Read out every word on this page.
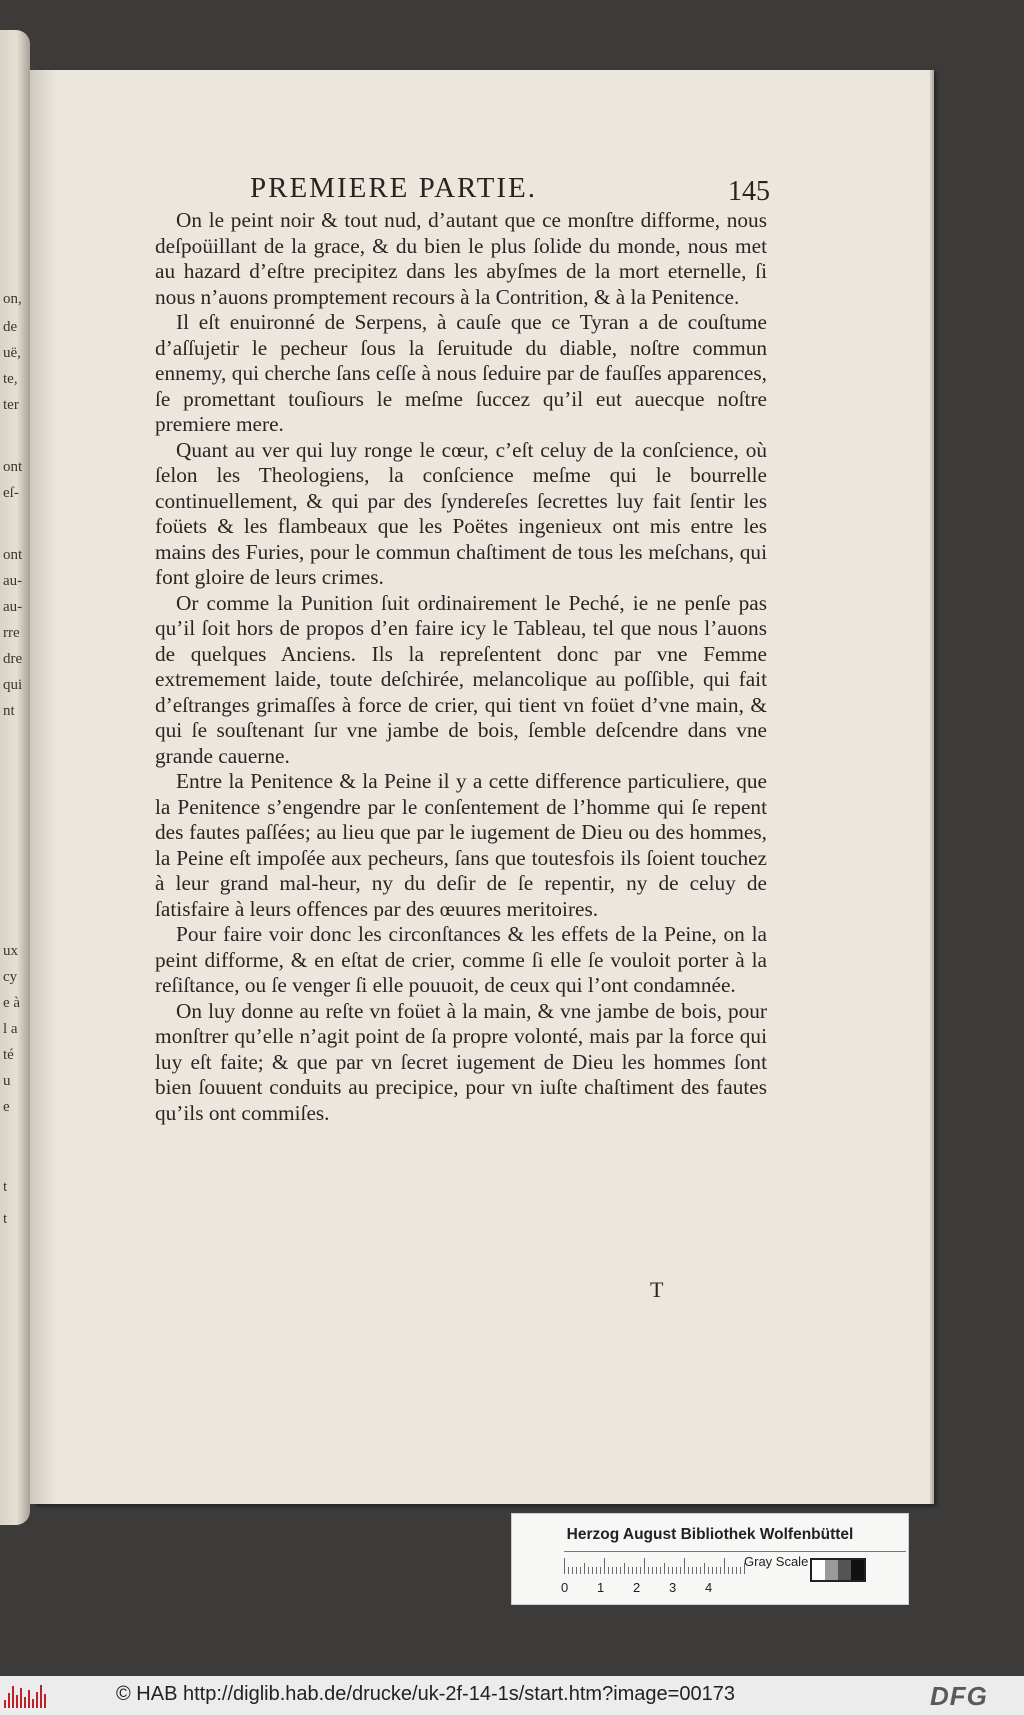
on,
de
uë,
te,
ter
ont
eſ-
ont
au-
au-
rre
dre
qui
nt
ux
cy
e à
l a
té
u
e
t
t
PREMIERE PARTIE.	145

On le peint noir & tout nud, d’autant que ce monſtre difforme, nous deſpoüillant de la grace, & du bien le plus ſolide du monde, nous met au hazard d’eſtre precipitez dans les abyſmes de la mort eternelle, ſi nous n’auons promptement recours à la Contrition, & à la Penitence.

Il eſt enuironné de Serpens, à cauſe que ce Tyran a de couſtume d’aſſujetir le pecheur ſous la ſeruitude du diable, noſtre commun ennemy, qui cherche ſans ceſſe à nous ſeduire par de fauſſes apparences, ſe promettant touſiours le meſme ſuccez qu’il eut auecque noſtre premiere mere.

Quant au ver qui luy ronge le cœur, c’eſt celuy de la conſcience, où ſelon les Theologiens, la conſcience meſme qui le bourrelle continuellement, & qui par des ſyndereſes ſecrettes luy fait ſentir les foüets & les flambeaux que les Poëtes ingenieux ont mis entre les mains des Furies, pour le commun chaſtiment de tous les meſchans, qui font gloire de leurs crimes.

Or comme la Punition ſuit ordinairement le Peché, ie ne penſe pas qu’il ſoit hors de propos d’en faire icy le Tableau, tel que nous l’auons de quelques Anciens. Ils la repreſentent donc par vne Femme extremement laide, toute deſchirée, melancolique au poſſible, qui fait d’eſtranges grimaſſes à force de crier, qui tient vn foüet d’vne main, & qui ſe souſtenant ſur vne jambe de bois, ſemble deſcendre dans vne grande cauerne.

Entre la Penitence & la Peine il y a cette difference particuliere, que la Penitence s’engendre par le conſentement de l’homme qui ſe repent des fautes paſſées; au lieu que par le iugement de Dieu ou des hommes, la Peine eſt impoſée aux pecheurs, ſans que toutesfois ils ſoient touchez à leur grand mal-heur, ny du deſir de ſe repentir, ny de celuy de ſatisfaire à leurs offences par des œuures meritoires.

Pour faire voir donc les circonſtances & les effets de la Peine, on la peint difforme, & en eſtat de crier, comme ſi elle ſe vouloit porter à la reſiſtance, ou ſe venger ſi elle pouuoit, de ceux qui l’ont condamnée.

On luy donne au reſte vn foüet à la main, & vne jambe de bois, pour monſtrer qu’elle n’agit point de ſa propre volonté, mais par la force qui luy eſt faite; & que par vn ſecret iugement de Dieu les hommes ſont bien ſouuent conduits au precipice, pour vn iuſte chaſtiment des fautes qu’ils ont commiſes.

T
Herzog August Bibliothek Wolfenbüttel
0 1 2 3 4
Gray Scale
© HAB http://diglib.hab.de/drucke/uk-2f-14-1s/start.htm?image=00173	DFG
